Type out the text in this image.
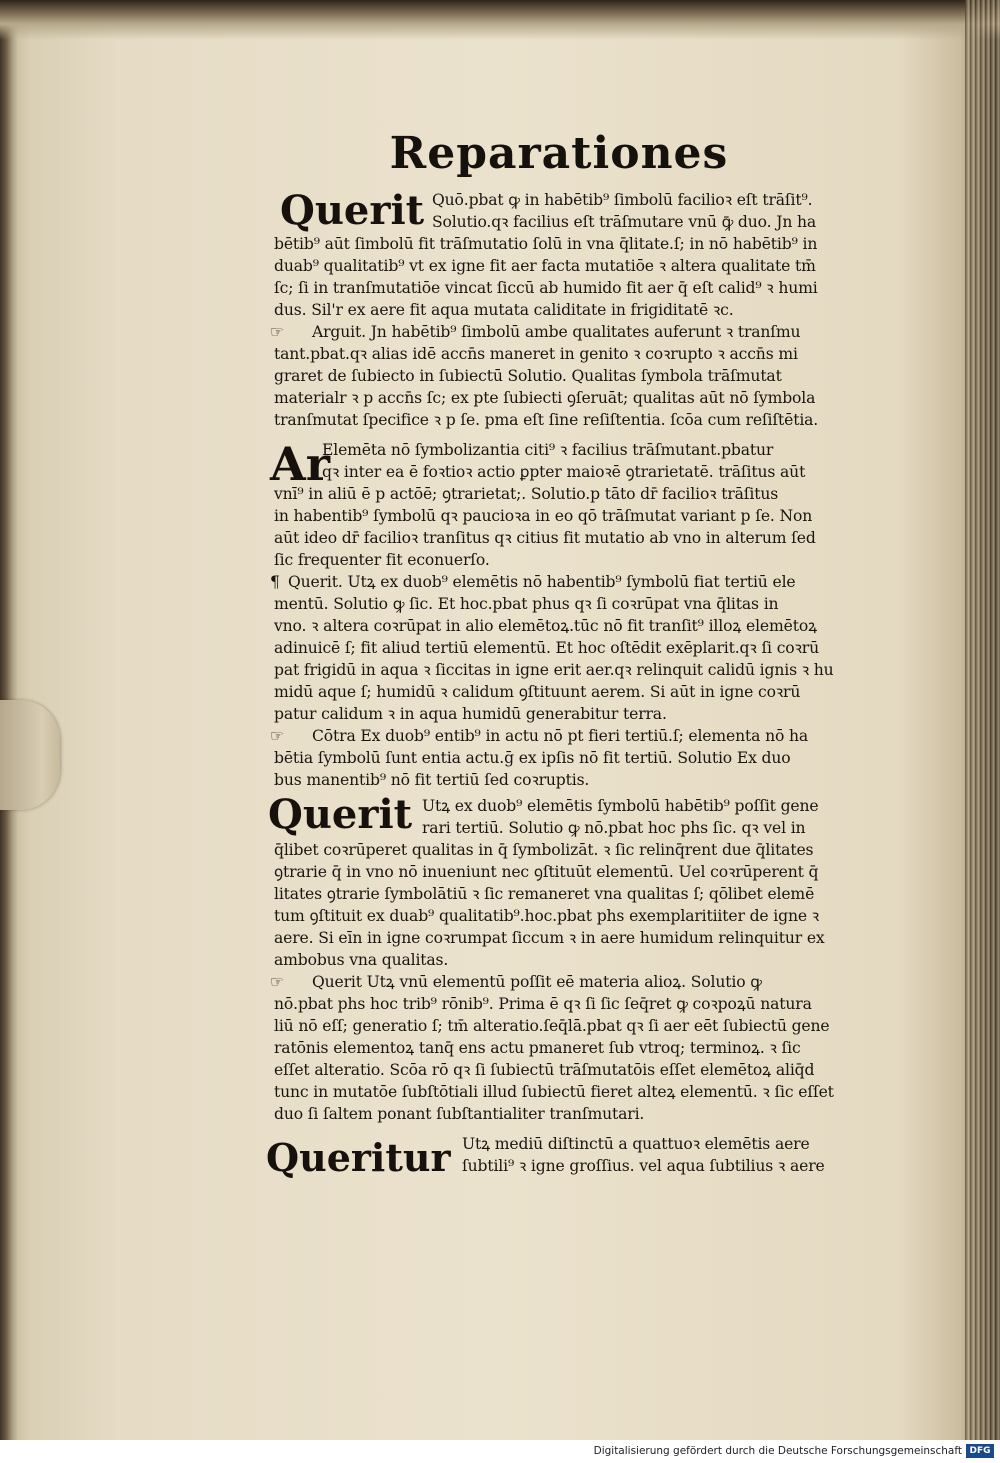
Reparationes
Querit
Ar
Querit
Queritur
Quō.pbat ꝙ in habētib⁹ ſimbolū facilioꝛ eſt trāſit⁹.
Solutio.qꝛ facilius eſt trāſmutare vnū ꝙ̄ duo. Jn ha
bētib⁹ aūt ſimbolū fit trāſmutatio ſolū in vna q̄litate.ſ; in nō habētib⁹ in
duab⁹ qualitatib⁹ vt ex igne fit aer facta mutatiōe ꝛ altera qualitate tm̄
ſc; ſi in tranſmutatiōe vincat ſiccū ab humido fit aer q̄ eſt calid⁹ ꝛ humi
dus. Sil'r ex aere fit aqua mutata caliditate in frigiditatē ꝛc.
☞ Arguit. Jn habētib⁹ ſimbolū ambe qualitates auferunt ꝛ tranſmu
tant.pbat.qꝛ alias idē accn̄s maneret in genito ꝛ coꝛrupto ꝛ accn̄s mi
graret de ſubiecto in ſubiectū Solutio. Qualitas ſymbola trāſmutat
materialr ꝛ p accn̄s ſc; ex pte ſubiecti ꝯſeruāt; qualitas aūt nō ſymbola
tranſmutat ſpecifice ꝛ p ſe. pma eſt ſine reſiſtentia. ſcōa cum reſiſtētia.
Elemēta nō ſymbolizantia citi⁹ ꝛ facilius trāſmutant.pbatur
qꝛ inter ea ē foꝛtioꝛ actio ꝑpter maioꝛē ꝯtrarietatē. trāſitus aūt
vnī⁹ in aliū ē p actōē; ꝯtrarietat;. Solutio.p tāto dr̄ facilioꝛ trāſitus
in habentib⁹ ſymbolū qꝛ paucioꝛa in eo qō trāſmutat variant p ſe. Non
aūt ideo dr̄ facilioꝛ tranſitus qꝛ citius fit mutatio ab vno in alterum ſed
ſic frequenter fit econuerſo.
¶ Querit. Utꝝ ex duob⁹ elemētis nō habentib⁹ ſymbolū fiat tertiū ele
mentū. Solutio ꝙ ſic. Et hoc.pbat phus qꝛ ſi coꝛrūpat vna q̄litas in
vno. ꝛ altera coꝛrūpat in alio elemētoꝝ.tūc nō fit tranſit⁹ illoꝝ elemētoꝝ
adinuicē ſ; fit aliud tertiū elementū. Et hoc oſtēdit exēplarit.qꝛ ſi coꝛrū
pat frigidū in aqua ꝛ ſiccitas in igne erit aer.qꝛ relinquit calidū ignis ꝛ hu
midū aque ſ; humidū ꝛ calidum ꝯſtituunt aerem. Si aūt in igne coꝛrū
patur calidum ꝛ in aqua humidū generabitur terra.
☞ Cōtra Ex duob⁹ entib⁹ in actu nō pt fieri tertiū.ſ; elementa nō ha
bētia ſymbolū ſunt entia actu.ḡ ex ipſis nō fit tertiū. Solutio Ex duo
bus manentib⁹ nō fit tertiū ſed coꝛruptis.
Utꝝ ex duob⁹ elemētis ſymbolū habētib⁹ poſſit gene
rari tertiū. Solutio ꝙ nō.pbat hoc phs ſic. qꝛ vel in
q̄libet coꝛrūperet qualitas in q̄ ſymbolizāt. ꝛ ſic relinq̄rent due q̄litates
ꝯtrarie q̄ in vno nō inueniunt nec ꝯſtituūt elementū. Uel coꝛrūperent q̄
litates ꝯtrarie ſymbolātiū ꝛ ſic remaneret vna qualitas ſ; qōlibet elemē
tum ꝯſtituit ex duab⁹ qualitatib⁹.hoc.pbat phs exemplaritiiter de igne ꝛ
aere. Si eīn in igne coꝛrumpat ſiccum ꝛ in aere humidum relinquitur ex
ambobus vna qualitas.
☞ Querit Utꝝ vnū elementū poſſit eē materia alioꝝ. Solutio ꝙ
nō.pbat phs hoc trib⁹ rōnib⁹. Prima ē qꝛ ſi ſic ſeq̄ret ꝙ coꝛpoꝝū natura
liū nō eſſ; generatio ſ; tm̄ alteratio.ſeq̄lā.pbat qꝛ ſi aer eēt ſubiectū gene
ratōnis elementoꝝ tanq̄ ens actu pmaneret ſub vtroq; terminoꝝ. ꝛ ſic
eſſet alteratio. Scōa rō qꝛ ſi ſubiectū trāſmutatōis eſſet elemētoꝝ aliq̄d
tunc in mutatōe ſubſtōtiali illud ſubiectū fieret alteꝝ elementū. ꝛ ſic eſſet
duo ſi ſaltem ponant ſubſtantialiter tranſmutari.
Utꝝ mediū diſtinctū a quattuoꝛ elemētis aere
ſubtili⁹ ꝛ igne groſſius. vel aqua ſubtilius ꝛ aere
Digitalisierung gefördert durch die Deutsche Forschungsgemeinschaft DFG
